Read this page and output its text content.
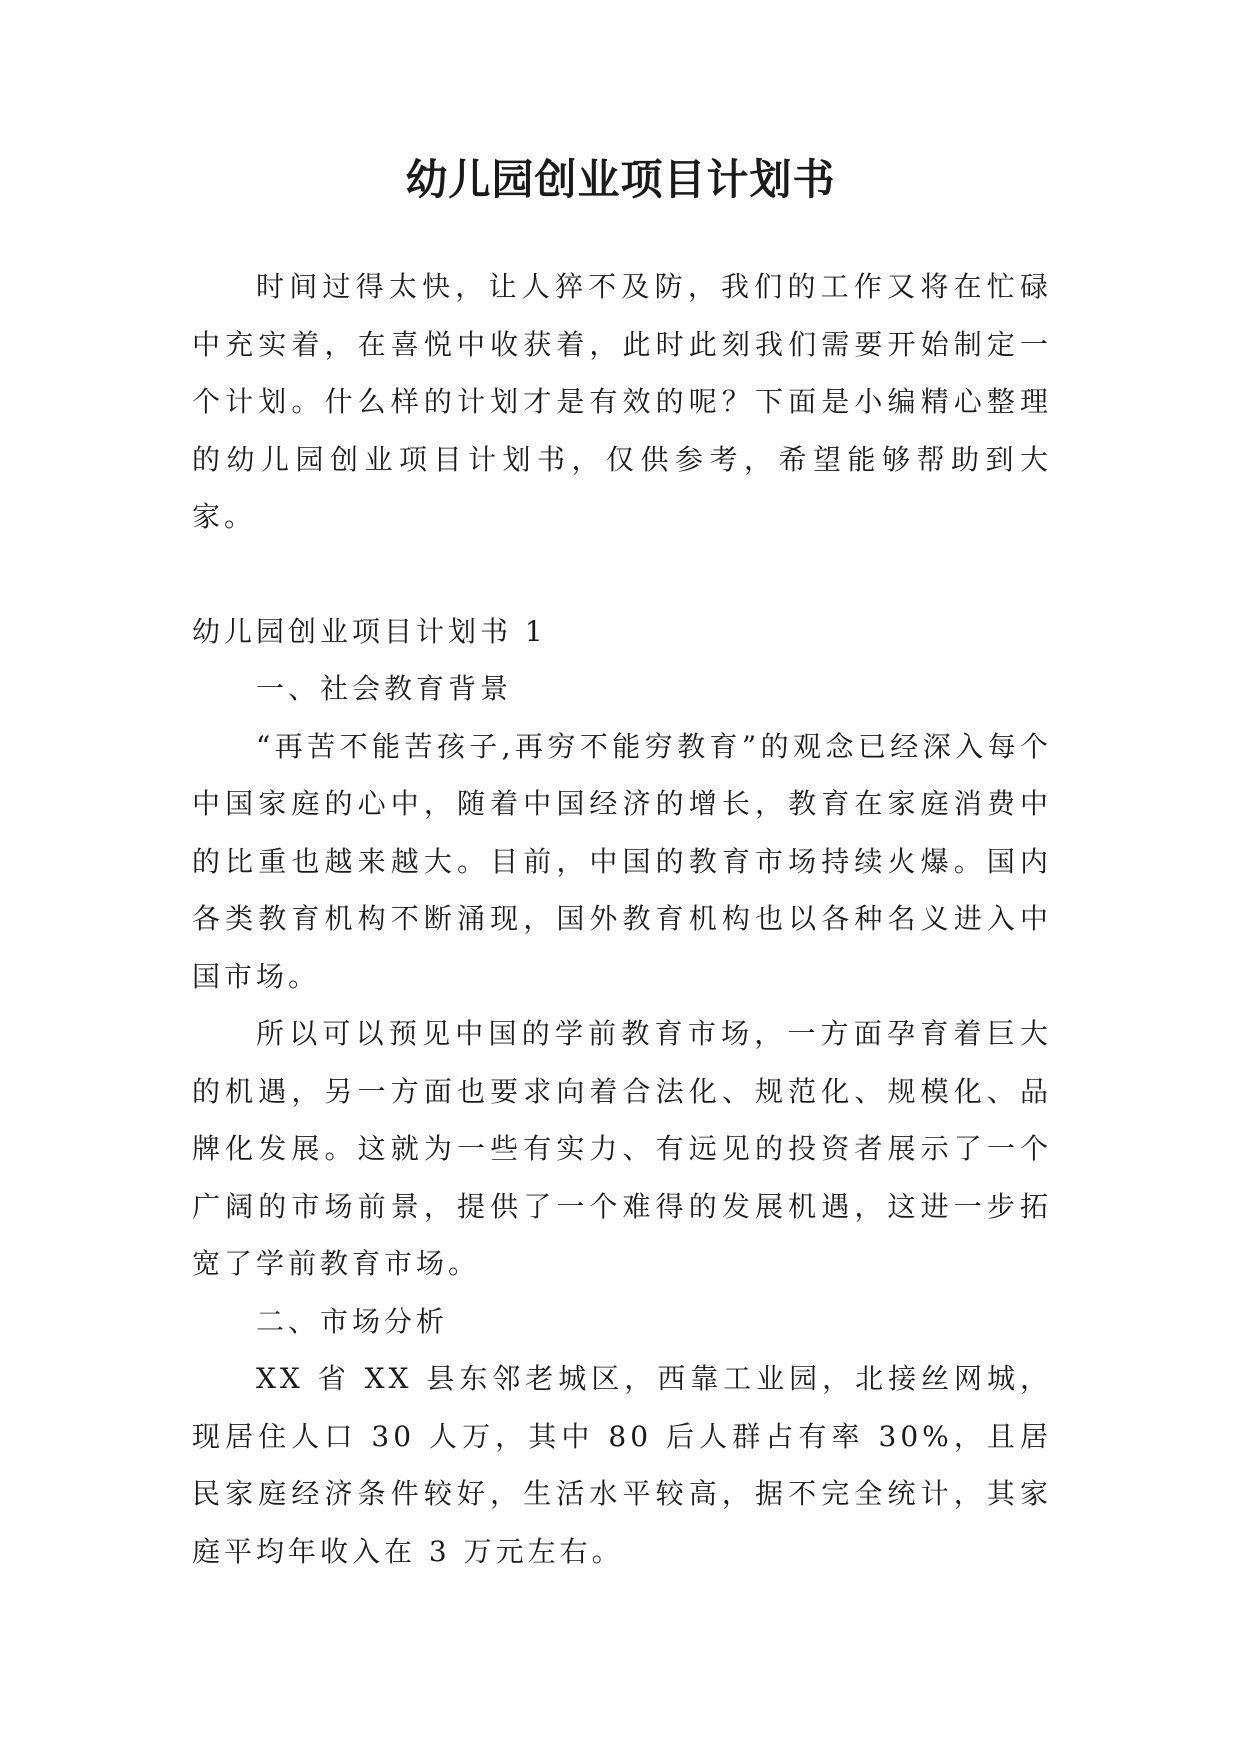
幼儿园创业项目计划书

时间过得太快，让人猝不及防，我们的工作又将在忙碌中充实着，在喜悦中收获着，此时此刻我们需要开始制定一个计划。什么样的计划才是有效的呢？下面是小编精心整理的幼儿园创业项目计划书，仅供参考，希望能够帮助到大家。

幼儿园创业项目计划书 1

一、社会教育背景

“再苦不能苦孩子,再穷不能穷教育”的观念已经深入每个中国家庭的心中，随着中国经济的增长，教育在家庭消费中的比重也越来越大。目前，中国的教育市场持续火爆。国内各类教育机构不断涌现，国外教育机构也以各种名义进入中国市场。

所以可以预见中国的学前教育市场，一方面孕育着巨大的机遇，另一方面也要求向着合法化、规范化、规模化、品牌化发展。这就为一些有实力、有远见的投资者展示了一个广阔的市场前景，提供了一个难得的发展机遇，这进一步拓宽了学前教育市场。

二、市场分析

XX 省 XX 县东邻老城区，西靠工业园，北接丝网城，现居住人口 30 人万，其中 80 后人群占有率 30%，且居民家庭经济条件较好，生活水平较高，据不完全统计，其家庭平均年收入在 3 万元左右。
